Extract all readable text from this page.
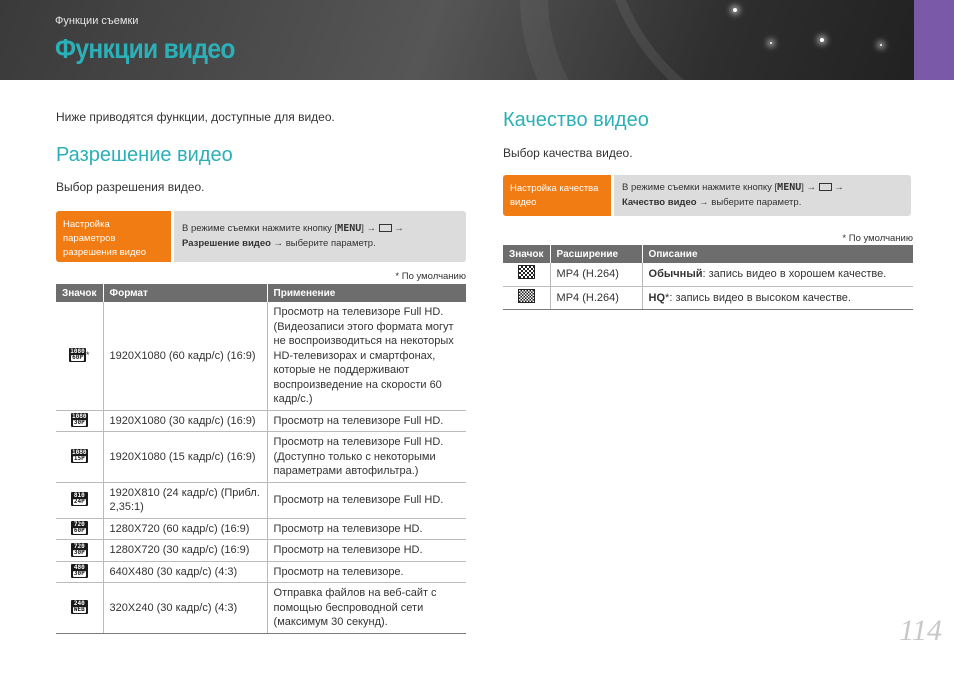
Функции съемки
Функции видео
Ниже приводятся функции, доступные для видео.
Разрешение видео
Выбор разрешения видео.
Настройка параметров разрешения видео
В режиме съемки нажмите кнопку [MENU] → →
Разрешение видео → выберите параметр.
* По умолчанию
Значок	Формат	Применение

1080
60P *	1920X1080 (60 кадр/с) (16:9)	Просмотр на телевизоре Full HD. (Видеозаписи этого формата могут не воспроизводиться на некоторых HD-телевизорах и смартфонах, которые не поддерживают воспроизведение на скорости 60 кадр/с.)

1080
30P	1920X1080 (30 кадр/с) (16:9)	Просмотр на телевизоре Full HD.

1080
15P	1920X1080 (15 кадр/с) (16:9)	Просмотр на телевизоре Full HD. (Доступно только с некоторыми параметрами автофильтра.)

810
24P	1920X810 (24 кадр/с) (Прибл. 2,35:1)	Просмотр на телевизоре Full HD.

720
60P	1280X720 (60 кадр/с) (16:9)	Просмотр на телевизоре HD.

720
30P	1280X720 (30 кадр/с) (16:9)	Просмотр на телевизоре HD.

480
30P	640X480 (30 кадр/с) (4:3)	Просмотр на телевизоре.

240
WEB	320X240 (30 кадр/с) (4:3)	Отправка файлов на веб-сайт с помощью беспроводной сети (максимум 30 секунд).
Качество видео
Выбор качества видео.
Настройка качества видео
В режиме съемки нажмите кнопку [MENU] → →
Качество видео → выберите параметр.
* По умолчанию
Значок	Расширение	Описание
	MP4 (H.264)	Обычный: запись видео в хорошем качестве.
	MP4 (H.264)	HQ*: запись видео в высоком качестве.
114
